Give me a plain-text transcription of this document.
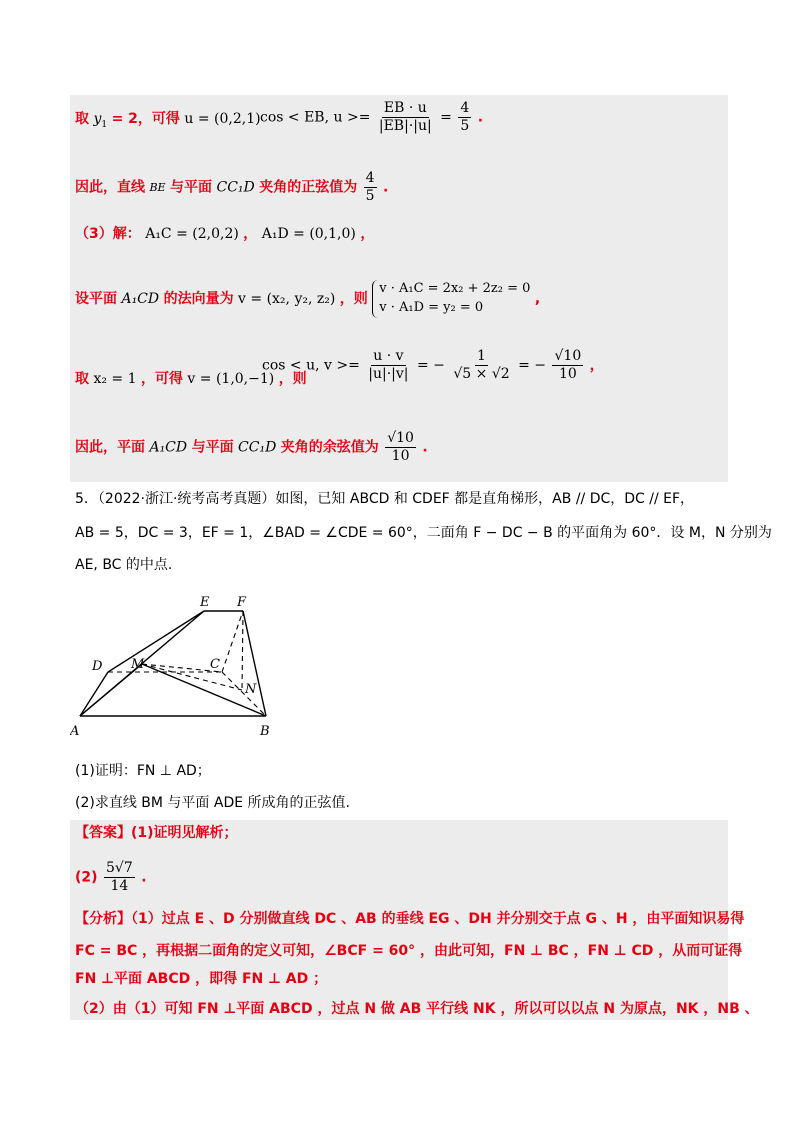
取 $y_1 = 2$，可得 u = (0,2,1) cos < EB, $u >= \frac{EB \cdot u}{|EB|\cdot|u|} = \frac{4}{5}$ .
因此，直线 BE 与平面 CC₁D 夹角的正弦值为 $\frac{4}{5}$ .
（3）解： A₁C = (2,0,2) ， A₁D = (0,1,0) ，
设平面 A₁CD 的法向量为 v = (x₂, y₂, z₂) ，则
v · A₁C = 2x₂ + 2z₂ = 0
v · A₁D = y₂ = 0
,
取 x₂ = 1 ，可得 v = (1,0,−1) ，则
cos < u, $v >= \frac{u \cdot v}{|u|\cdot|v|}$ = − $\frac{1}{√5 \times √2}$ = − $\frac{√10}{10}$ ，
因此，平面 A₁CD 与平面 CC₁D 夹角的余弦值为 $\frac{√10}{10}$ .
5．（2022·浙江·统考高考真题）如图，已知 ABCD 和 CDEF 都是直角梯形，AB // DC，DC // EF，
AB = 5，DC = 3，EF = 1，∠BAD = ∠CDE = 60°，二面角 F − DC − B 的平面角为 60°．设 M，N 分别为
AE, BC 的中点.
A	B
C
D
E F
M
N
(1)证明：FN ⊥ AD；
(2)求直线 BM 与平面 ADE 所成角的正弦值.
【答案】(1)证明见解析；
$(2) \frac{5√7}{14}$ .
【分析】（1）过点 E 、D 分别做直线 DC 、AB 的垂线 EG 、DH 并分别交于点 G 、H ，由平面知识易得
FC = BC ，再根据二面角的定义可知，∠BCF = 60° ，由此可知，FN ⊥ BC ，FN ⊥ CD ，从而可证得
FN ⊥平面 ABCD ，即得 FN ⊥ AD ；
（2）由（1）可知 FN ⊥平面 ABCD ，过点 N 做 AB 平行线 NK ，所以可以以点 N 为原点，NK ，NB 、
